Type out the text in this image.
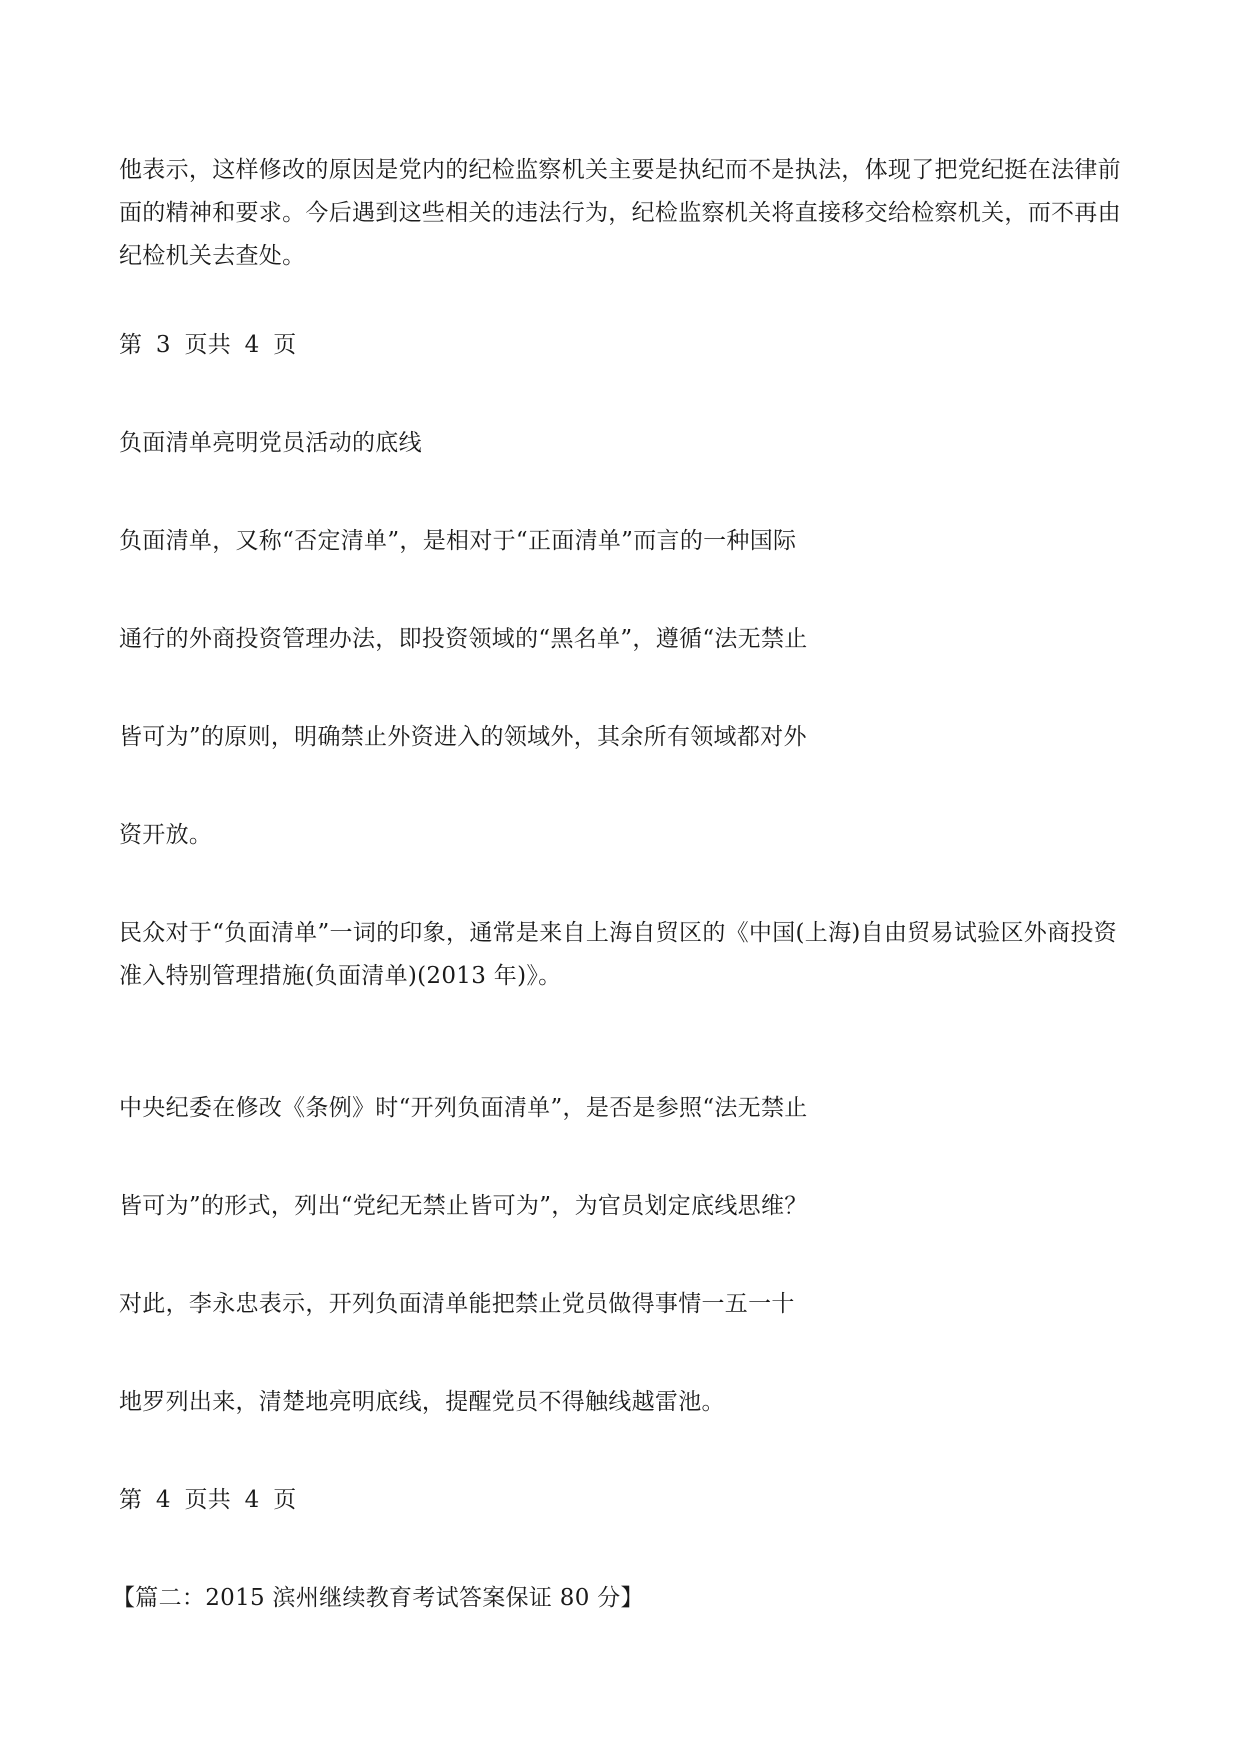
他表示，这样修改的原因是党内的纪检监察机关主要是执纪而不是执法，体现了把党纪挺在法律前面的精神和要求。今后遇到这些相关的违法行为，纪检监察机关将直接移交给检察机关，而不再由纪检机关去查处。
第 3 页共 4 页
负面清单亮明党员活动的底线
负面清单，又称“否定清单”，是相对于“正面清单”而言的一种国际
通行的外商投资管理办法，即投资领域的“黑名单”，遵循“法无禁止
皆可为”的原则，明确禁止外资进入的领域外，其余所有领域都对外
资开放。
民众对于“负面清单”一词的印象，通常是来自上海自贸区的《中国(上海)自由贸易试验区外商投资准入特别管理措施(负面清单)(2013 年)》。
中央纪委在修改《条例》时“开列负面清单”，是否是参照“法无禁止
皆可为”的形式，列出“党纪无禁止皆可为”，为官员划定底线思维？
对此，李永忠表示，开列负面清单能把禁止党员做得事情一五一十
地罗列出来，清楚地亮明底线，提醒党员不得触线越雷池。
第 4 页共 4 页
【篇二：2015 滨州继续教育考试答案保证 80 分】
